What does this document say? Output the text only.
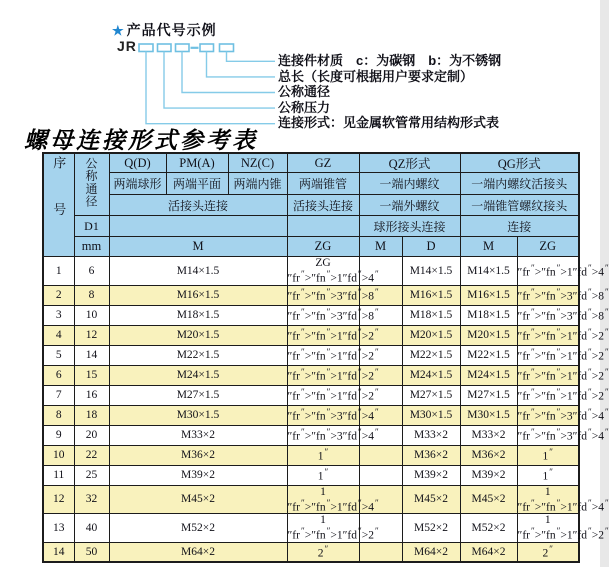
★ 产品代号示例
JR
连接件材质　c：为碳钢　b：为不锈钢
总长（长度可根据用户要求定制）
公称通径
公称压力
连接形式：见金属软管常用结构形式表
螺母连接形式参考表
序号	公称通径	Q(D)	PM(A)	NZ(C)	GZ	QZ形式		QG形式	
		两端球形	两端平面	两端内锥	两端锥管	一端内螺纹		一端内螺纹活接头	
		活接头连接			活接头连接	一端外螺纹		一端锥管螺纹接头	
	D1					球形接头连接		连接	
	mm	M			ZG	M	D	M	ZG
1	6	M14×1.5			ZG ″fr″>″fn″>1″fd″ ″		M14×1.5	M14×1.5	″fr″>″fn″>1″fd″>4″
2	8	M16×1.5			″fr″>″fn″>3″fd″ ″		M16×1.5	M16×1.5	″fr″>″fn″>3″fd″>8″
3	10	M18×1.5			″fr″>″fn″>3″fd″ ″		M18×1.5	M18×1.5	″fr″>″fn″>3″fd″>8″
4	12	M20×1.5			″fr″>″fn″>1″fd″ ″		M20×1.5	M20×1.5	″fr″>″fn″>1″fd″>2″
5	14	M22×1.5			″fr″>″fn″>1″fd″ ″		M22×1.5	M22×1.5	″fr″>″fn″>1″fd″>2″
6	15	M24×1.5			″fr″>″fn″>1″fd″ ″		M24×1.5	M24×1.5	″fr″>″fn″>1″fd″>2″
7	16	M27×1.5			″fr″>″fn″>1″fd″ ″		M27×1.5	M27×1.5	″fr″>″fn″>1″fd″>2″
8	18	M30×1.5			″fr″>″fn″>3″fd″ ″		M30×1.5	M30×1.5	″fr″>″fn″>3″fd″>4″
9	20	M33×2			″fr″>″fn″>3″fd″ ″		M33×2	M33×2	″fr″>″fn″>3″fd″>4″
10	22	M36×2			1″		M36×2	M36×2	1″
11	25	M39×2			1″		M39×2	M39×2	1″
12	32	M45×2			1 ″fr″>″fn″>1″fd″ ″		M45×2	M45×2	1 ″fr″>″fn″>1″fd″>4″
13	40	M52×2			1 ″fr″>″fn″>1″fd″ ″		M52×2	M52×2	1 ″fr″>″fn″>1″fd″>2″
14	50	M64×2			2″		M64×2	M64×2	2″
